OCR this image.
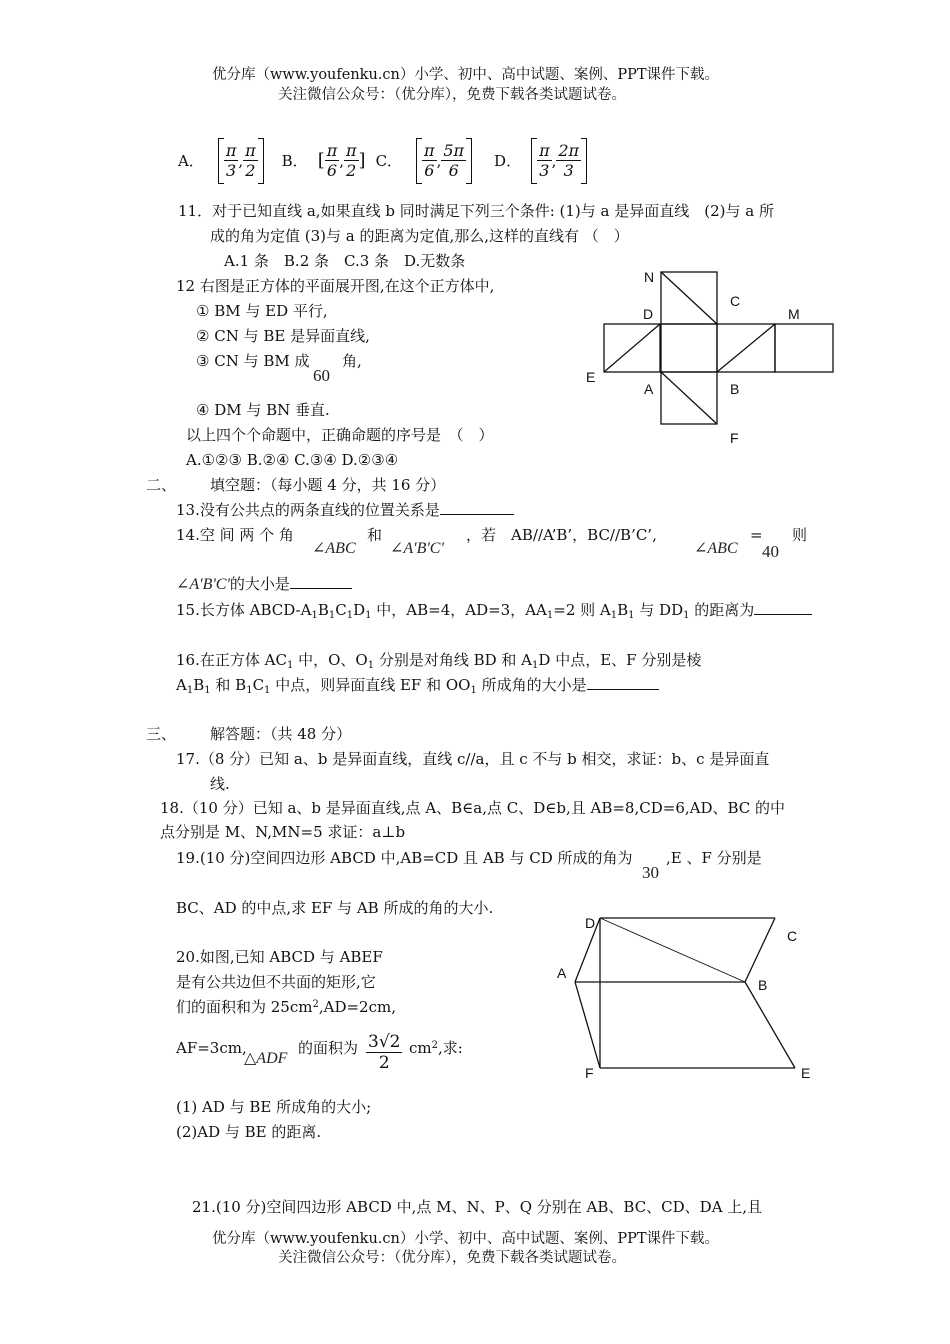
优分库（www.youfenku.cn）小学、初中、高中试题、案例、PPT课件下载。
关注微信公众号：（优分库），免费下载各类试题试卷。
A． $\frac{\pi}{3}$ , $\frac{\pi}{2}$ B． [ $\frac{\pi}{6}$ , $\frac{\pi}{2}$ ] C． $\frac{\pi}{6}$ , $\frac{5\pi}{6}$ D． $\frac{\pi}{3}$ , $\frac{2\pi}{3}$
11．对于已知直线 a,如果直线 b 同时满足下列三个条件: (1)与 a 是异面直线　(2)与 a 所
成的角为定值 (3)与 a 的距离为定值,那么,这样的直线有 （　）
A.1 条　B.2 条　C.3 条　D.无数条
12 右图是正方体的平面展开图,在这个正方体中,
① BM 与 ED 平行,
② CN 与 BE 是异面直线,
③ CN 与 BM 成
60
角,
④ DM 与 BN 垂直.
以上四个个命题中，正确命题的序号是　（　）
A.①②③ B.②④ C.③④ D.②③④
N
C
D	M
E
A	B
F
二、 填空题：（每小题 4 分，共 16 分）
13.没有公共点的两条直线的位置关系是
14.空 间 两 个 角
∠ABC
和
∠A'B'C'
，若　AB//A’B’，BC//B’C’,
∠ABC
=
40
则
∠A'B'C'的大小是
15.长方体 ABCD-$A_1B_1C_1D_1$ 中，AB=4，AD=3，$AA_1=2$ 则 $A_1B_1$ 与 $DD_1$ 的距离为
16.在正方体 $AC_1$ 中，O、$O_1$ 分别是对角线 BD 和 $A_1D$ 中点，E、F 分别是棱
$A_1B_1$ 和 $B_1C_1$ 中点，则异面直线 EF 和 $OO_1$ 所成角的大小是
三、 解答题：（共 48 分）
17.（8 分）已知 a、b 是异面直线，直线 c//a，且 c 不与 b 相交，求证：b、c 是异面直
线.
18.（10 分）已知 a、b 是异面直线,点 A、B∈a,点 C、D∈b,且 AB=8,CD=6,AD、BC 的中
点分别是 M、N,MN=5 求证：a⊥b
19.(10 分)空间四边形 ABCD 中,AB=CD 且 AB 与 CD 所成的角为
30
,E 、F 分别是
BC、AD 的中点,求 EF 与 AB 所成的角的大小.
20.如图,已知 ABCD 与 ABEF
是有公共边但不共面的矩形,它
们的面积和为 $25cm^2,AD=2cm$,
AF=3cm,
△ADF
的面积为 $\frac{3√2}{2} cm^2$,求:
(1) AD 与 BE 所成角的大小;
(2)AD 与 BE 的距离.
D
C
A
B
F	E
21.(10 分)空间四边形 ABCD 中,点 M、N、P、Q 分别在 AB、BC、CD、DA 上,且
优分库（www.youfenku.cn）小学、初中、高中试题、案例、PPT课件下载。
关注微信公众号：（优分库），免费下载各类试题试卷。
